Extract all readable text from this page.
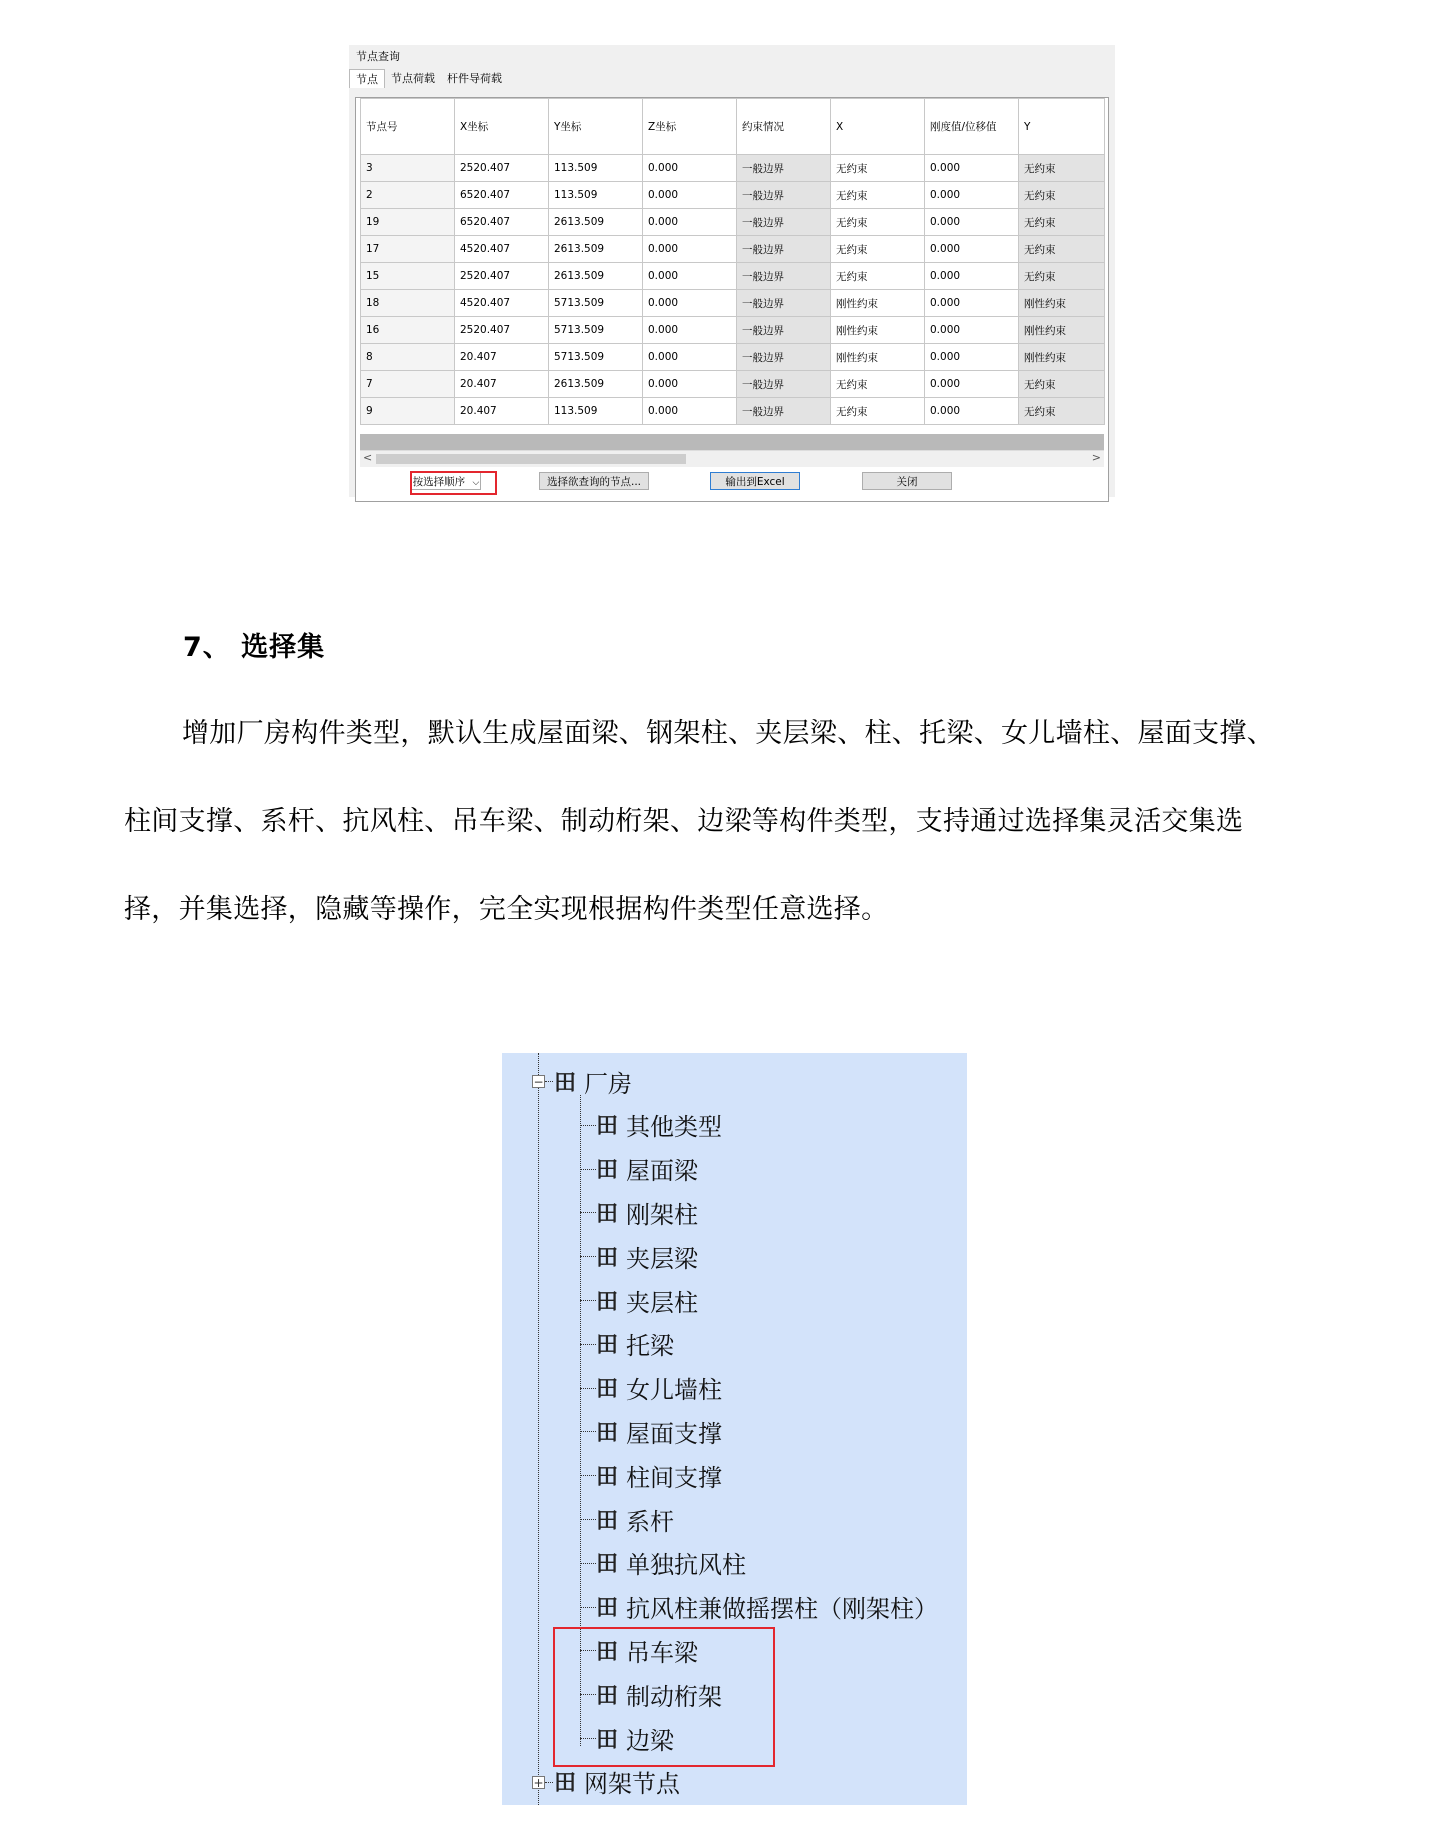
节点查询
节点	节点荷载	杆件导荷载
节点号	X坐标	Y坐标	Z坐标	约束情况	X	刚度值/位移值	Y
3	2520.407	113.509	0.000	一般边界	无约束	0.000	无约束
2	6520.407	113.509	0.000	一般边界	无约束	0.000	无约束
19	6520.407	2613.509	0.000	一般边界	无约束	0.000	无约束
17	4520.407	2613.509	0.000	一般边界	无约束	0.000	无约束
15	2520.407	2613.509	0.000	一般边界	无约束	0.000	无约束
18	4520.407	5713.509	0.000	一般边界	刚性约束	0.000	刚性约束
16	2520.407	5713.509	0.000	一般边界	刚性约束	0.000	刚性约束
8	20.407	5713.509	0.000	一般边界	刚性约束	0.000	刚性约束
7	20.407	2613.509	0.000	一般边界	无约束	0.000	无约束
9	20.407	113.509	0.000	一般边界	无约束	0.000	无约束
<	>
按选择顺序 ⌵	选择欲查询的节点...	输出到Excel	关闭
7、 选择集
增加厂房构件类型，默认生成屋面梁、钢架柱、夹层梁、柱、托梁、女儿墙柱、屋面支撑、柱间支撑、系杆、抗风柱、吊车梁、制动桁架、边梁等构件类型，支持通过选择集灵活交集选择，并集选择，隐藏等操作，完全实现根据构件类型任意选择。
− 田 厂房
田 其他类型
田 屋面梁
田 刚架柱
田 夹层梁
田 夹层柱
田 托梁
田 女儿墙柱
田 屋面支撑
田 柱间支撑
田 系杆
田 单独抗风柱
田 抗风柱兼做摇摆柱（刚架柱）
田 吊车梁
田 制动桁架
田 边梁
+ 田 网架节点
